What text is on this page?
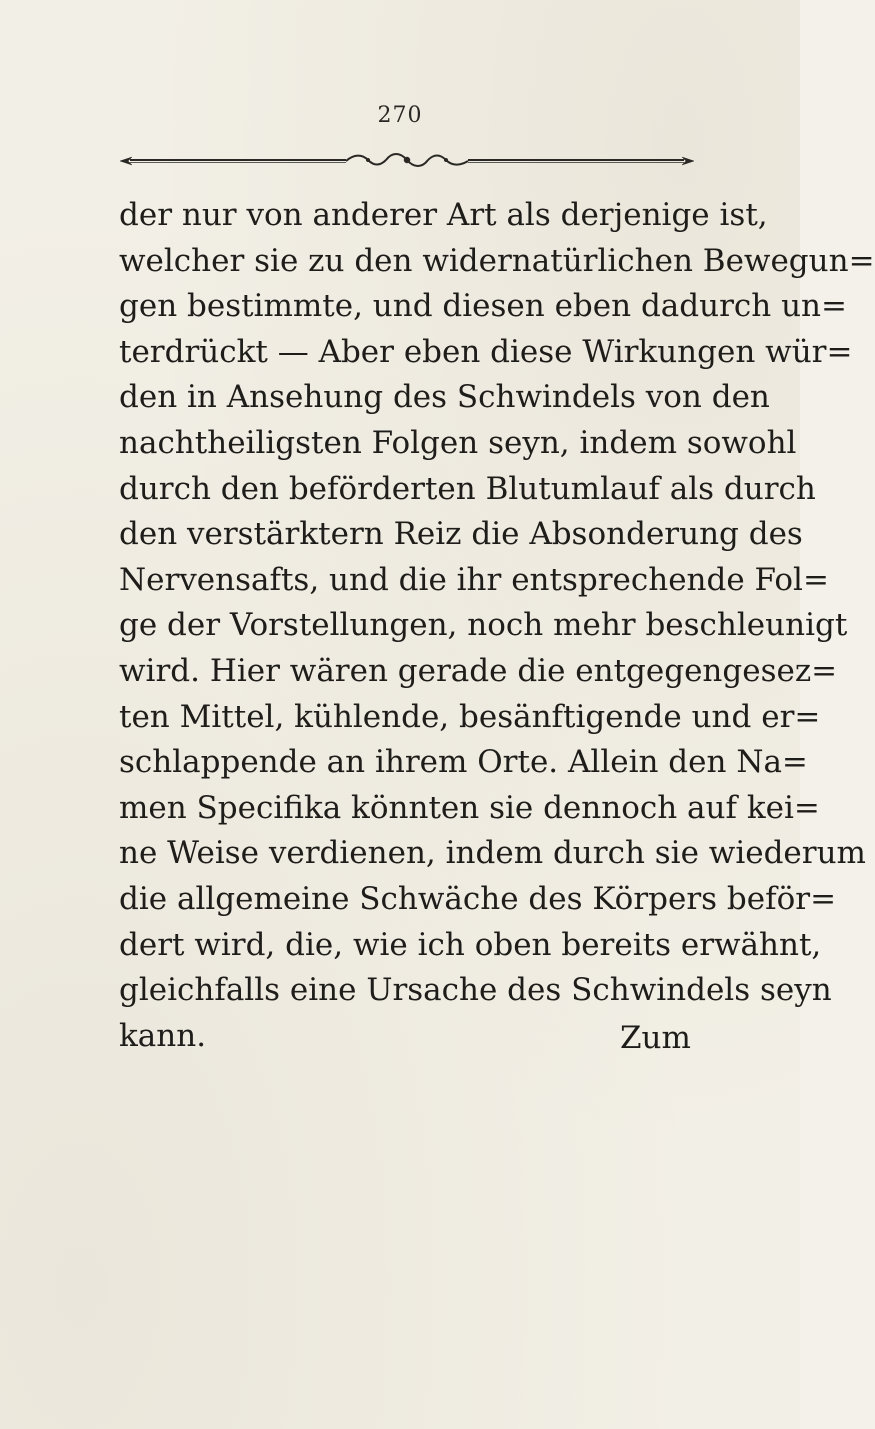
270
der nur von anderer Art als derjenige ist,
welcher sie zu den widernatürlichen Bewegun=
gen bestimmte, und diesen eben dadurch un=
terdrückt — Aber eben diese Wirkungen wür=
den in Ansehung des Schwindels von den
nachtheiligsten Folgen seyn, indem sowohl
durch den beförderten Blutumlauf als durch
den verstärktern Reiz die Absonderung des
Nervensafts, und die ihr entsprechende Fol=
ge der Vorstellungen, noch mehr beschleunigt
wird. Hier wären gerade die entgegengesez=
ten Mittel, kühlende, besänftigende und er=
schlappende an ihrem Orte. Allein den Na=
men Specifika könnten sie dennoch auf kei=
ne Weise verdienen, indem durch sie wiederum
die allgemeine Schwäche des Körpers beför=
dert wird, die, wie ich oben bereits erwähnt,
gleichfalls eine Ursache des Schwindels seyn
kann.	Zum
